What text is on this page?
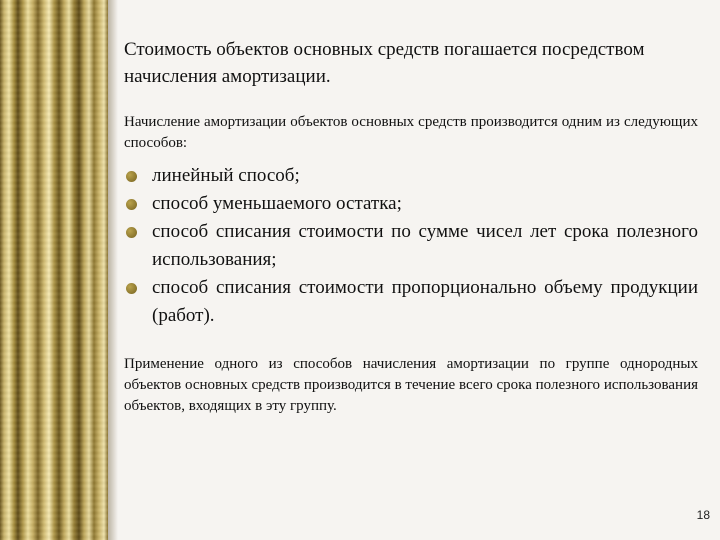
Стоимость объектов основных средств погашается посредством начисления амортизации.

Начисление амортизации объектов основных средств производится одним из следующих способов:

линейный способ;
способ уменьшаемого остатка;
способ списания стоимости по сумме чисел лет срока полезного использования;
способ списания стоимости пропорционально объему продукции (работ).

Применение одного из способов начисления амортизации по группе однородных объектов основных средств производится в течение всего срока полезного использования объектов, входящих в эту группу.

18
